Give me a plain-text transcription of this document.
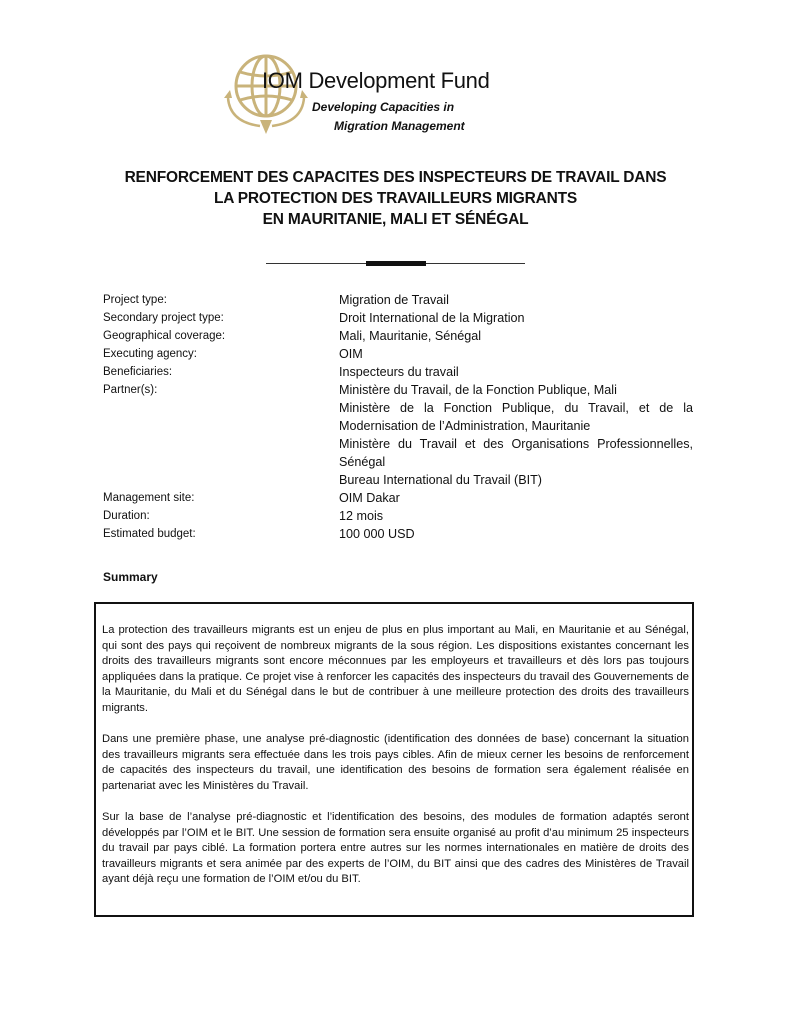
IOM Development Fund
Developing Capacities in
Migration Management
RENFORCEMENT DES CAPACITES DES INSPECTEURS DE TRAVAIL DANS
LA PROTECTION DES TRAVAILLEURS MIGRANTS
EN MAURITANIE, MALI ET SÉNÉGAL
Project type:	Migration de Travail
Secondary project type:	Droit International de la Migration
Geographical coverage:	Mali, Mauritanie, Sénégal
Executing agency:	OIM
Beneficiaries:	Inspecteurs du travail
Partner(s):	Ministère du Travail, de la Fonction Publique, Mali
Ministère de la Fonction Publique, du Travail, et de la Modernisation de l’Administration, Mauritanie
Ministère du Travail et des Organisations Professionnelles, Sénégal
Bureau International du Travail (BIT)
Management site:	OIM Dakar
Duration:	12 mois
Estimated budget:	100 000 USD
Summary

La protection des travailleurs migrants est un enjeu de plus en plus important au Mali, en Mauritanie et au Sénégal, qui sont des pays qui reçoivent de nombreux migrants de la sous région. Les dispositions existantes concernant les droits des travailleurs migrants sont encore méconnues par les employeurs et travailleurs et dès lors pas toujours appliquées dans la pratique. Ce projet vise à renforcer les capacités des inspecteurs du travail des Gouvernements de la Mauritanie, du Mali et du Sénégal dans le but de contribuer à une meilleure protection des droits des travailleurs migrants.

Dans une première phase, une analyse pré-diagnostic (identification des données de base) concernant la situation des travailleurs migrants sera effectuée dans les trois pays cibles. Afin de mieux cerner les besoins de renforcement de capacités des inspecteurs du travail, une identification des besoins de formation sera également réalisée en partenariat avec les Ministères du Travail.

Sur la base de l’analyse pré-diagnostic et l’identification des besoins, des modules de formation adaptés seront développés par l’OIM et le BIT. Une session de formation sera ensuite organisé au profit d’au minimum 25 inspecteurs du travail par pays ciblé. La formation portera entre autres sur les normes internationales en matière de droits des travailleurs migrants et sera animée par des experts de l’OIM, du BIT ainsi que des cadres des Ministères de Travail ayant déjà reçu une formation de l’OIM et/ou du BIT.
